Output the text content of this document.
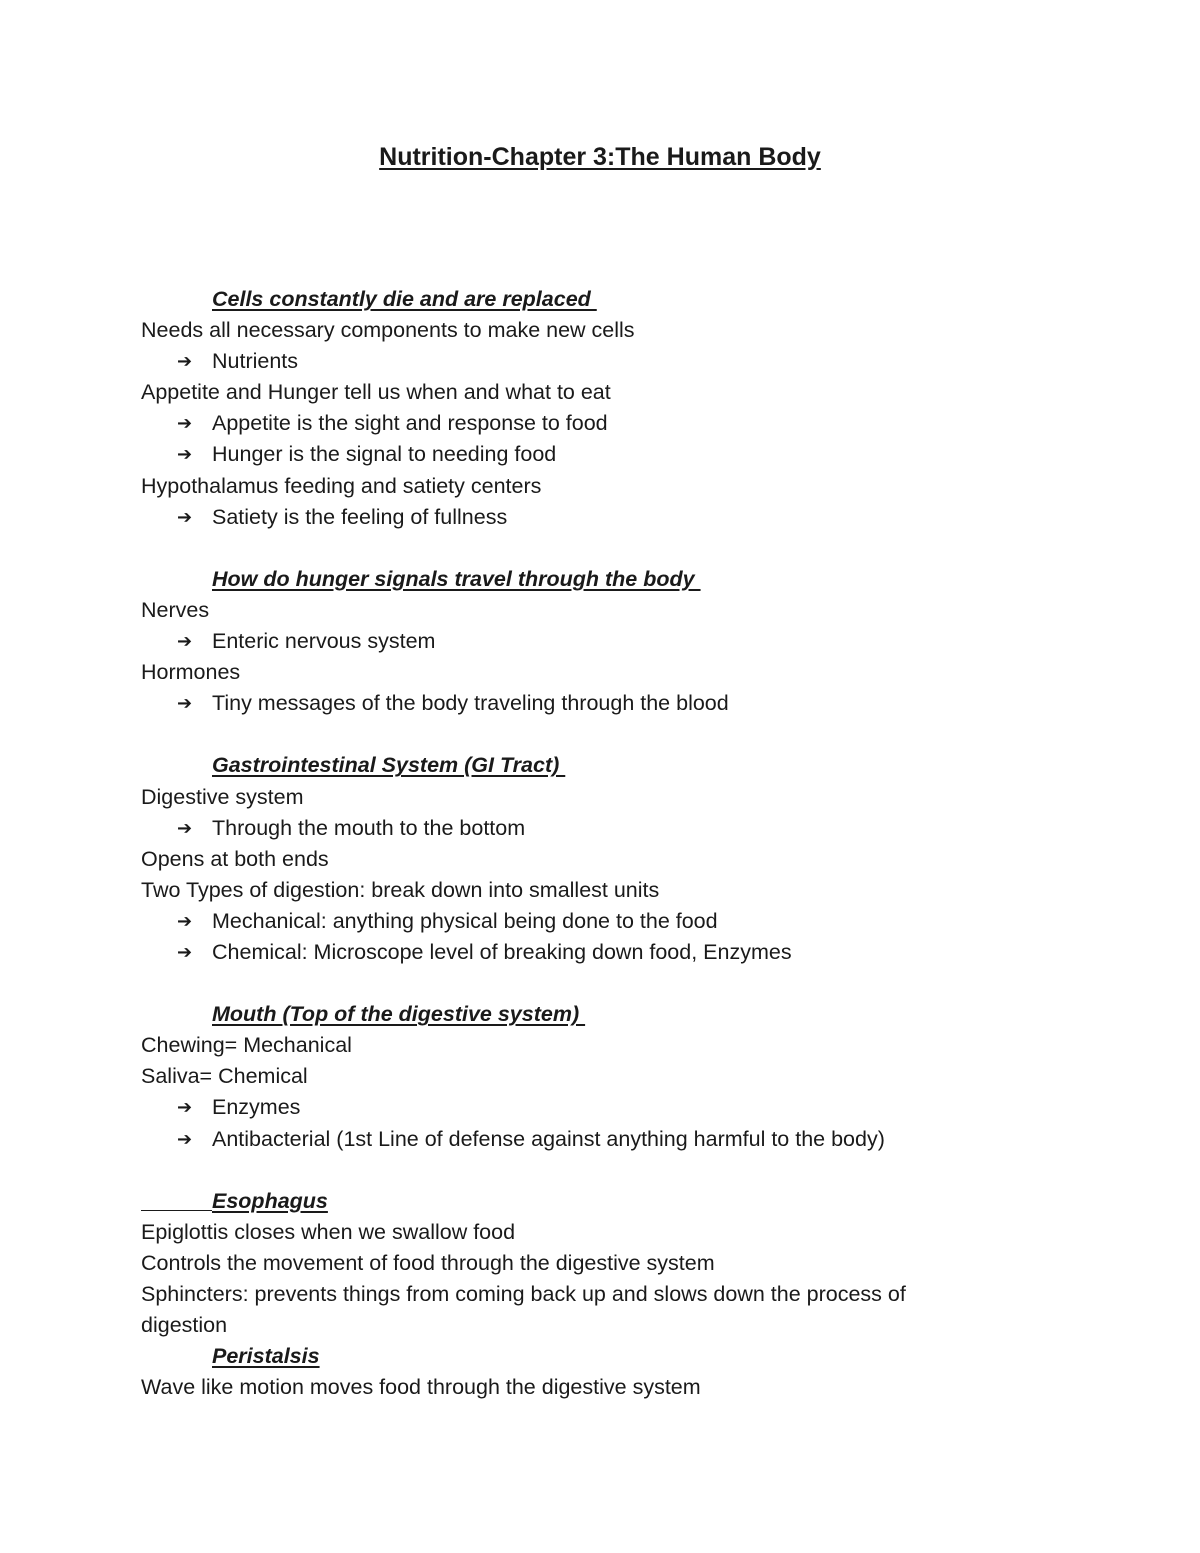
Nutrition-Chapter 3:The Human Body
Cells constantly die and are replaced
Needs all necessary components to make new cells
➔ Nutrients
Appetite and Hunger tell us when and what to eat
➔ Appetite is the sight and response to food
➔ Hunger is the signal to needing food
Hypothalamus feeding and satiety centers
➔ Satiety is the feeling of fullness
How do hunger signals travel through the body
Nerves
➔ Enteric nervous system
Hormones
➔ Tiny messages of the body traveling through the blood
Gastrointestinal System (GI Tract)
Digestive system
➔ Through the mouth to the bottom
Opens at both ends
Two Types of digestion: break down into smallest units
➔ Mechanical: anything physical being done to the food
➔ Chemical: Microscope level of breaking down food, Enzymes
Mouth (Top of the digestive system)
Chewing= Mechanical
Saliva= Chemical
➔ Enzymes
➔ Antibacterial (1st Line of defense against anything harmful to the body)
Esophagus
Epiglottis closes when we swallow food
Controls the movement of food through the digestive system
Sphincters: prevents things from coming back up and slows down the process of digestion
Peristalsis
Wave like motion moves food through the digestive system
